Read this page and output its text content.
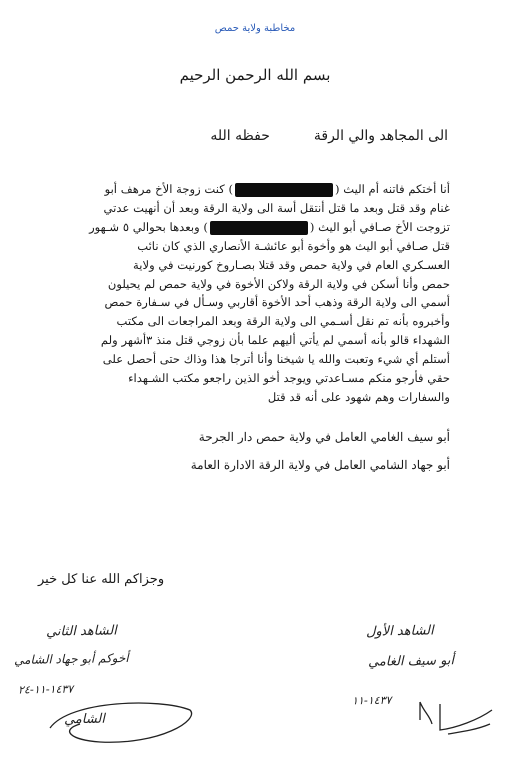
مخاطبة ولاية حمص
بسم الله الرحمن الرحيم
الى المجاهد والي الرقة
حفظه الله
أنا أختكم فاتنه أم اليث () كنت زوجة الأخ مرهف أبو
غنام وقد قتل وبعد ما قتل أنتقل أسة الى ولاية الرقة وبعد أن أنهيت عدتي
تزوجت الأخ صـافي أبو اليث () وبعدها بحوالي ٥ شـهور
قتل صـافي أبو اليث هو وأخوة أبو عائشـة الأنصاري الذي كان نائب
العسـكري العام في ولاية حمص وقد قتلا بصـاروخ كورنيت في ولاية
حمص وأنا أسكن في ولاية الرقة ولاكن الأخوة في ولاية حمص لم يحيلون
أسمي الى ولاية الرقة وذهب أحد الأخوة أقاربي وسـأل في سـفارة حمص
وأخبروه بأنه تم نقل أسـمي الى ولاية الرقة وبعد المراجعات الى مكتب
الشهداء قالو بأنه أسمي لم يأتي أليهم علما بأن زوجي قتل منذ ٣أشهر ولم
أستلم أي شيء وتعبت والله يا شيخنا وأنا أترجا هذا وذاك حتى أحصل على
حقي فأرجو منكم مسـاعدتي ويوجد أخو الذين راجعو مكتب الشـهداء
والسفارات وهم شهود على أنه قد قتل
أبو سيف الغامي العامل في ولاية حمص دار الجرحة
أبو جهاد الشامي العامل في ولاية الرقة الادارة العامة
وجزاكم الله عنا كل خير
الشاهد الثاني
أخوكم أبو جهاد الشامي
١٤٣٧-١١-٢٤
الشامي
الشاهد الأول
أبو سيف الغامي
١٤٣٧-١١
